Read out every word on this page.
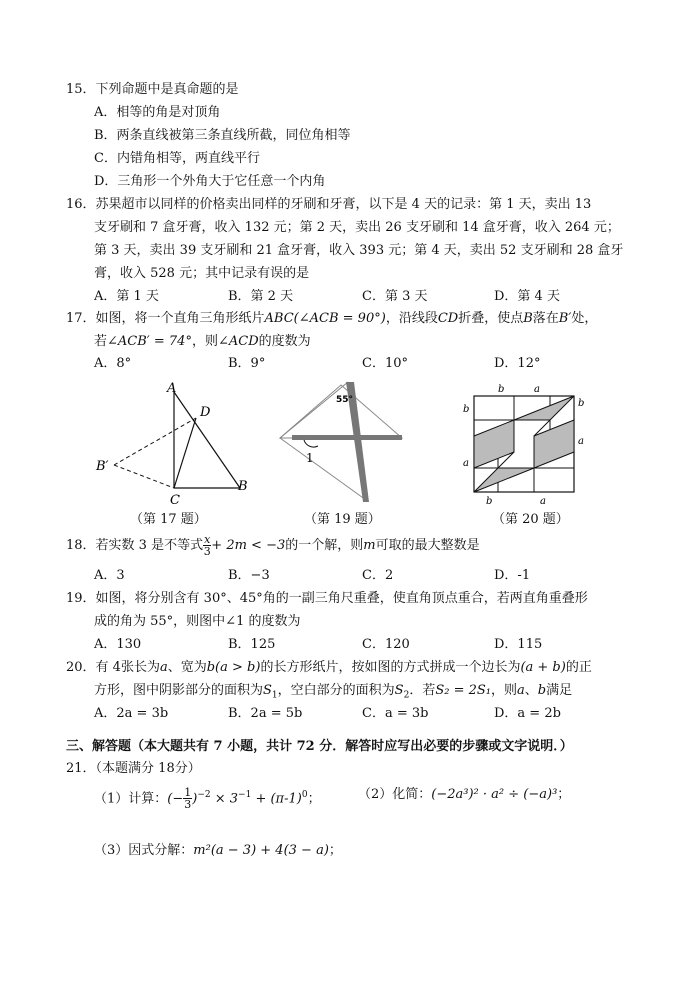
15．下列命题中是真命题的是
A．相等的角是对顶角
B．两条直线被第三条直线所截，同位角相等
C．内错角相等，两直线平行
D．三角形一个外角大于它任意一个内角
16．苏果超市以同样的价格卖出同样的牙刷和牙膏，以下是 4 天的记录：第 1 天，卖出 13
支牙刷和 7 盒牙膏，收入 132 元；第 2 天，卖出 26 支牙刷和 14 盒牙膏，收入 264 元；
第 3 天，卖出 39 支牙刷和 21 盒牙膏，收入 393 元；第 4 天，卖出 52 支牙刷和 28 盒牙
膏，收入 528 元；其中记录有误的是
A．第 1 天	B．第 2 天	C．第 3 天	D．第 4 天
17．如图，将一个直角三角形纸片ABC(∠ACB = 90°)，沿线段CD折叠，使点B落在B′处，
若∠ACB′ = 74°，则∠ACD的度数为
A．8°	B．9°	C．10°	D．12°
A
D
B′
C
B
（第 17 题）
55°
1
（第 19 题）
b	a
b
a
a
b
b	a
（第 20 题）
18．若实数 3 是不等式 $\frac{x}{3} + 2m < -3$的一个解，则m可取的最大整数是
A．3	B．−3	C．2	D．-1
19．如图，将分别含有 30°、45°角的一副三角尺重叠，使直角顶点重合，若两直角重叠形
成的角为 55°，则图中∠1 的度数为
A．130	B．125	C．120	D．115
20．有 4张长为a、宽为b(a > b)的长方形纸片，按如图的方式拼成一个边长为(a + b)的正
方形，图中阴影部分的面积为$S_1$，空白部分的面积为$S_2$．若S₂ = 2S₁，则a、b满足
A．2a = 3b	B．2a = 5b	C．a = 3b	D．a = 2b
三、解答题（本大题共有 7 小题，共计 72 分．解答时应写出必要的步骤或文字说明．）
21．（本题满分 18分）
（1）计算：(− $\frac{1}{3} )^{-2} \times 3^{-1} + (\pi-1)^0$；	（2）化简：(−2a³)² · a² ÷ (−a)³；
（3）因式分解：m²(a − 3) + 4(3 − a)；
